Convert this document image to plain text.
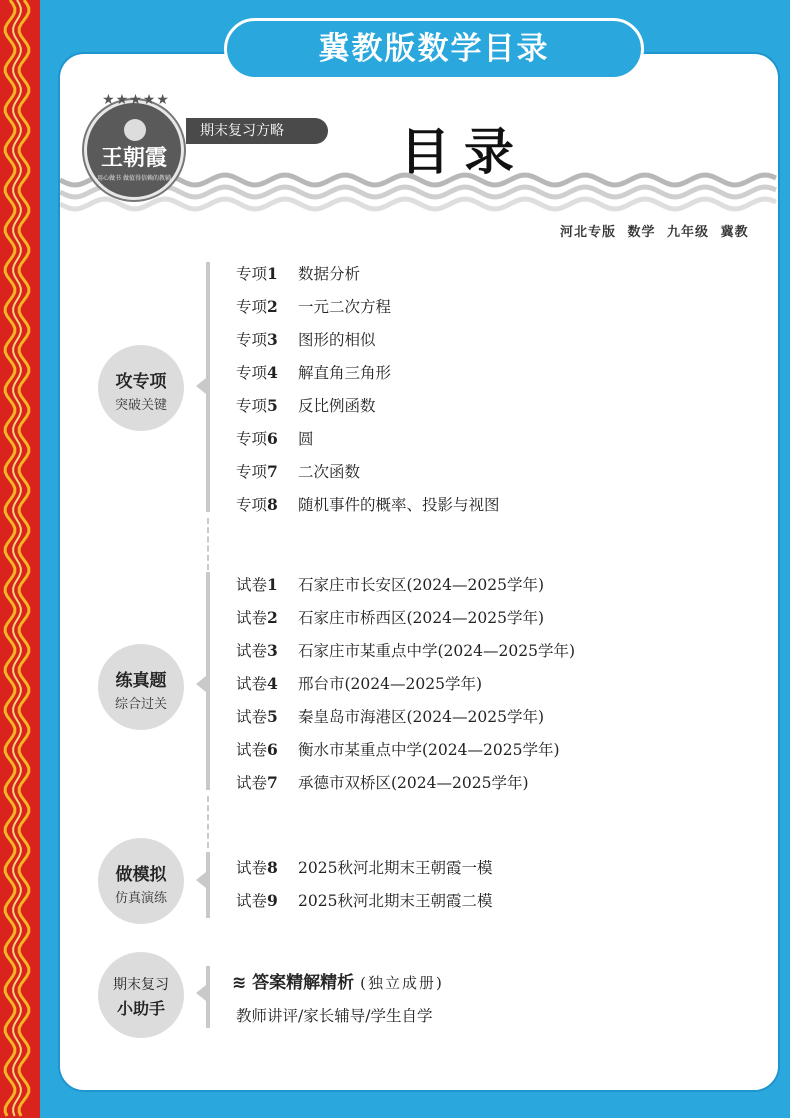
冀教版数学目录
★★★★★
王朝霞
用心做书 做值得信赖的教辅
期末复习方略	目录
河北专版 数学 九年级 冀教
攻专项
突破关键
专项1 数据分析
专项2 一元二次方程
专项3 图形的相似
专项4 解直角三角形
专项5 反比例函数
专项6 圆
专项7 二次函数
专项8 随机事件的概率、投影与视图
练真题
综合过关
试卷1 石家庄市长安区(2024—2025学年)
试卷2 石家庄市桥西区(2024—2025学年)
试卷3 石家庄市某重点中学(2024—2025学年)
试卷4 邢台市(2024—2025学年)
试卷5 秦皇岛市海港区(2024—2025学年)
试卷6 衡水市某重点中学(2024—2025学年)
试卷7 承德市双桥区(2024—2025学年)
做模拟
仿真演练
试卷8 2025秋河北期末王朝霞一模
试卷9 2025秋河北期末王朝霞二模
期末复习
小助手
≋ 答案精解精析 (独立成册)
教师讲评/家长辅导/学生自学
